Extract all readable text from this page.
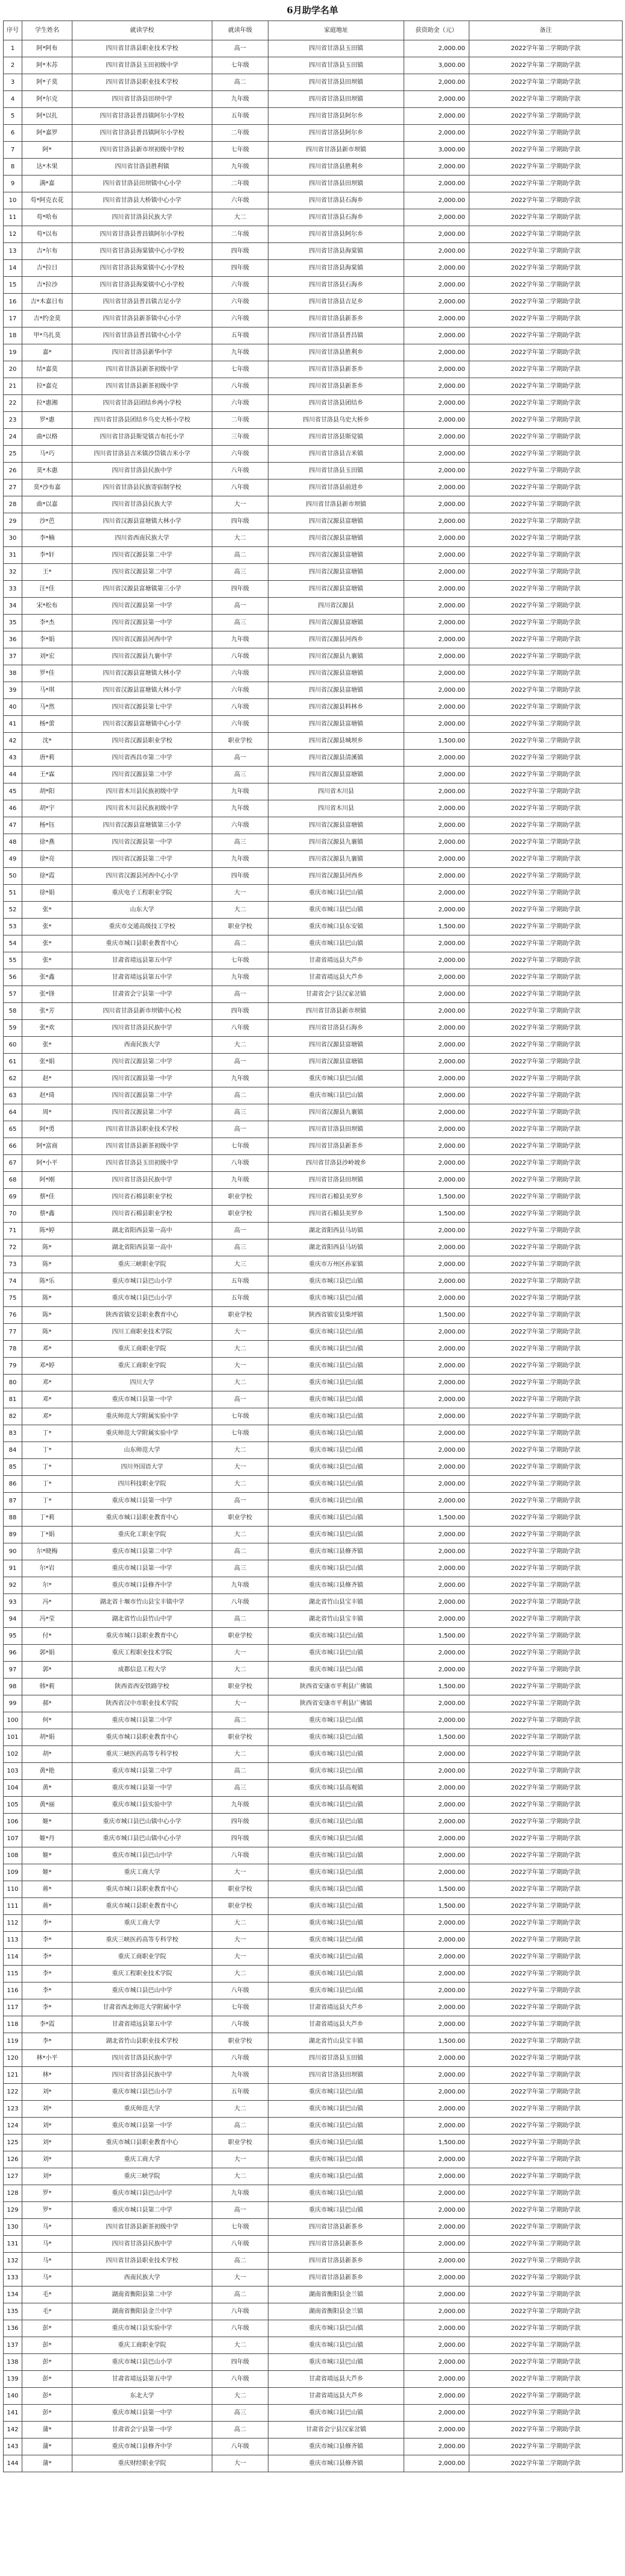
6月助学名单
序号	学生姓名	就读学校	就读年级	家庭地址	获资助金（元）	备注
1	阿*阿布	四川省甘洛县职业技术学校	高一	四川省甘洛县玉田镇	2,000.00	2022学年第二学期助学款
2	阿*木苏	四川省甘洛县玉田初级中学	七年级	四川省甘洛县玉田镇	3,000.00	2022学年第二学期助学款
3	阿*子莫	四川省甘洛县职业技术学校	高二	四川省甘洛县田坝镇	2,000.00	2022学年第二学期助学款
4	阿*尔克	四川省甘洛县田坝中学	九年级	四川省甘洛县田坝镇	2,000.00	2022学年第二学期助学款
5	阿*以扎	四川省甘洛县普昌镇阿尔小学校	五年级	四川省甘洛县阿尔乡	2,000.00	2022学年第二学期助学款
6	阿*嘉罗	四川省甘洛县普昌镇阿尔小学校	二年级	四川省甘洛县阿尔乡	2,000.00	2022学年第二学期助学款
7	阿*	四川省甘洛县新市坝初级中学校	七年级	四川省甘洛县新市坝镇	3,000.00	2022学年第二学期助学款
8	达*木果	四川省甘洛县胜利镇	九年级	四川省甘洛县胜利乡	2,000.00	2022学年第二学期助学款
9	满*嘉	四川省甘洛县田坝镇中心小学	二年级	四川省甘洛县田坝镇	2,000.00	2022学年第二学期助学款
10	苟*阿克衣花	四川省甘洛县大桥镇中心小学	六年级	四川省甘洛县石海乡	2,000.00	2022学年第二学期助学款
11	苟*哈布	四川省甘洛县民族大学	大二	四川省甘洛县石海乡	2,000.00	2022学年第二学期助学款
12	苟*以布	四川省甘洛县普昌镇阿尔小学校	二年级	四川省甘洛县阿尔乡	2,000.00	2022学年第二学期助学款
13	吉*尔布	四川省甘洛县海棠镇中心小学校	四年级	四川省甘洛县海棠镇	2,000.00	2022学年第二学期助学款
14	吉*拉日	四川省甘洛县海棠镇中心小学校	四年级	四川省甘洛县海棠镇	2,000.00	2022学年第二学期助学款
15	吉*拉沙	四川省甘洛县海棠镇中心小学校	六年级	四川省甘洛县石海乡	2,000.00	2022学年第二学期助学款
16	吉*木嘉日布	四川省甘洛县普昌镇吉足小学	六年级	四川省甘洛县吉足乡	2,000.00	2022学年第二学期助学款
17	吉*约金莫	四川省甘洛县新茶镇中心小学	六年级	四川省甘洛县新茶乡	2,000.00	2022学年第二学期助学款
18	甲*乌扎莫	四川省甘洛县普昌镇中心小学	五年级	四川省甘洛县普昌镇	2,000.00	2022学年第二学期助学款
19	嘉*	四川省甘洛县新华中学	九年级	四川省甘洛县胜利乡	2,000.00	2022学年第二学期助学款
20	结*嘉莫	四川省甘洛县新茶初级中学	七年级	四川省甘洛县新茶乡	2,000.00	2022学年第二学期助学款
21	拉*嘉克	四川省甘洛县新茶初级中学	八年级	四川省甘洛县新茶乡	2,000.00	2022学年第二学期助学款
22	拉*惠湘	四川省甘洛县团结乡两小学校	六年级	四川省甘洛县团结乡	2,000.00	2022学年第二学期助学款
23	罗*惠	四川省甘洛县团结乡乌史大桥小学校	二年级	四川省甘洛县乌史大桥乡	2,000.00	2022学年第二学期助学款
24	曲*以格	四川省甘洛县斯觉镇吉布托小学	三年级	四川省甘洛县斯觉镇	2,000.00	2022学年第二学期助学款
25	马*巧	四川省甘洛县吉米镇沙岱镇吉米小学	六年级	四川省甘洛县吉米镇	2,000.00	2022学年第二学期助学款
26	莫*木惠	四川省甘洛县民族中学	八年级	四川省甘洛县玉田镇	2,000.00	2022学年第二学期助学款
27	莫*沙布嘉	四川省甘洛县民族寄宿制学校	八年级	四川省甘洛县前进乡	2,000.00	2022学年第二学期助学款
28	曲*以嘉	四川省甘洛县民族大学	大一	四川省甘洛县新市坝镇	2,000.00	2022学年第二学期助学款
29	沙*芭	四川省汉源县富塘镇大林小学	四年级	四川省汉源县富塘镇	2,000.00	2022学年第二学期助学款
30	李*楠	四川省西南民族大学	大二	四川省汉源县富塘镇	2,000.00	2022学年第二学期助学款
31	李*轩	四川省汉源县第二中学	高二	四川省汉源县富塘镇	2,000.00	2022学年第二学期助学款
32	王*	四川省汉源县第二中学	高三	四川省汉源县富塘镇	2,000.00	2022学年第二学期助学款
33	汪*佳	四川省汉源县富塘镇第三小学	四年级	四川省汉源县富塘镇	2,000.00	2022学年第二学期助学款
34	宋*松布	四川省汉源县第一中学	高一	四川省汉源县	2,000.00	2022学年第二学期助学款
35	李*杰	四川省汉源县第一中学	高三	四川省汉源县富塘镇	2,000.00	2022学年第二学期助学款
36	李*娟	四川省汉源县河西中学	九年级	四川省汉源县河西乡	2,000.00	2022学年第二学期助学款
37	刘*宏	四川省汉源县九襄中学	八年级	四川省汉源县九襄镇	2,000.00	2022学年第二学期助学款
38	罗*佳	四川省汉源县富塘镇大林小学	六年级	四川省汉源县富塘镇	2,000.00	2022学年第二学期助学款
39	马*琪	四川省汉源县富塘镇大林小学	六年级	四川省汉源县富塘镇	2,000.00	2022学年第二学期助学款
40	马*然	四川省汉源县第七中学	八年级	四川省汉源县料林乡	2,000.00	2022学年第二学期助学款
41	杨*蕾	四川省汉源县富塘镇中心小学	六年级	四川省汉源县富塘镇	2,000.00	2022学年第二学期助学款
42	沈*	四川省汉源县职业学校	职业学校	四川省汉源县城坝乡	1,500.00	2022学年第二学期助学款
43	唐*莉	四川省西昌市第二中学	高一	四川省汉源县清溪镇	2,000.00	2022学年第二学期助学款
44	王*霖	四川省汉源县第二中学	高三	四川省汉源县富塘镇	2,000.00	2022学年第二学期助学款
45	胡*阳	四川省木川县民族初级中学	九年级	四川省木川县	2,000.00	2022学年第二学期助学款
46	胡*宇	四川省木川县民族初级中学	九年级	四川省木川县	2,000.00	2022学年第二学期助学款
47	杨*钰	四川省汉源县富塘镇第三小学	六年级	四川省汉源县富塘镇	2,000.00	2022学年第二学期助学款
48	徐*燕	四川省汉源县第一中学	高三	四川省汉源县九襄镇	2,000.00	2022学年第二学期助学款
49	徐*亮	四川省汉源县第二中学	九年级	四川省汉源县九襄镇	2,000.00	2022学年第二学期助学款
50	徐*霞	四川省汉源县河西中心小学	四年级	四川省汉源县河西乡	2,000.00	2022学年第二学期助学款
51	徐*娟	重庆电子工程职业学院	大一	重庆市城口县巴山镇	2,000.00	2022学年第二学期助学款
52	张*	山东大学	大二	重庆市城口县巴山镇	2,000.00	2022学年第二学期助学款
53	张*	重庆市交通高级技工学校	职业学校	重庆市城口县东安镇	1,500.00	2022学年第二学期助学款
54	张*	重庆市城口县职业教育中心	高二	重庆市城口县巴山镇	2,000.00	2022学年第二学期助学款
55	张*	甘肃省靖远县第五中学	七年级	甘肃省靖远县大芦乡	2,000.00	2022学年第二学期助学款
56	张*鑫	甘肃省靖远县第五中学	九年级	甘肃省靖远县大芦乡	2,000.00	2022学年第二学期助学款
57	张*锋	甘肃省会宁县第一中学	高一	甘肃省会宁县汉家岔镇	2,000.00	2022学年第二学期助学款
58	张*芳	四川省甘洛县新市坝镇中心校	四年级	四川省甘洛县新市坝镇	2,000.00	2022学年第二学期助学款
59	张*欢	四川省甘洛县民族中学	八年级	四川省甘洛县石海乡	2,000.00	2022学年第二学期助学款
60	张*	西南民族大学	大二	四川省汉源县富塘镇	2,000.00	2022学年第二学期助学款
61	张*娟	四川省汉源县第二中学	高一	四川省汉源县富塘镇	2,000.00	2022学年第二学期助学款
62	赵*	四川省汉源县第一中学	九年级	重庆市城口县巴山镇	2,000.00	2022学年第二学期助学款
63	赵*琦	四川省汉源县第二中学	高二	重庆市城口县巴山镇	2,000.00	2022学年第二学期助学款
64	周*	四川省汉源县第二中学	高三	四川省汉源县九襄镇	2,000.00	2022学年第二学期助学款
65	阿*勇	四川省甘洛县职业技术学校	高一	四川省甘洛县田坝镇	2,000.00	2022学年第二学期助学款
66	阿*富商	四川省甘洛县新茶初级中学	七年级	四川省甘洛县新茶乡	2,000.00	2022学年第二学期助学款
67	阿*小平	四川省甘洛县玉田初级中学	八年级	四川省甘洛县沙岭坡乡	2,000.00	2022学年第二学期助学款
68	阿*刚	四川省甘洛县民族中学	九年级	四川省甘洛县田坝镇	2,000.00	2022学年第二学期助学款
69	蔡*佳	四川省石棉县职业学校	职业学校	四川省石棉县美罗乡	1,500.00	2022学年第二学期助学款
70	蔡*鑫	四川省石棉县职业学校	职业学校	四川省石棉县美罗乡	1,500.00	2022学年第二学期助学款
71	陈*婷	湖北省阳西县第一高中	高一	湖北省阳西县马坊镇	2,000.00	2022学年第二学期助学款
72	陈*	湖北省阳西县第一高中	高三	湖北省阳西县马坊镇	2,000.00	2022学年第二学期助学款
73	陈*	重庆三峡职业学院	大三	重庆市万州区孙家镇	2,000.00	2022学年第二学期助学款
74	陈*乐	重庆市城口县巴山小学	五年级	重庆市城口县巴山镇	2,000.00	2022学年第二学期助学款
75	陈*	重庆市城口县巴山小学	五年级	重庆市城口县巴山镇	2,000.00	2022学年第二学期助学款
76	陈*	陕西省镇安县职业教育中心	职业学校	陕西省镇安县柴坪镇	1,500.00	2022学年第二学期助学款
77	陈*	四川工商职业技术学院	大一	重庆市城口县巴山镇	2,000.00	2022学年第二学期助学款
78	邓*	重庆工商职业学院	大二	重庆市城口县巴山镇	2,000.00	2022学年第二学期助学款
79	邓*婷	重庆工商职业学院	大一	重庆市城口县巴山镇	2,000.00	2022学年第二学期助学款
80	邓*	四川大学	大二	重庆市城口县巴山镇	2,000.00	2022学年第二学期助学款
81	邓*	重庆市城口县第一中学	高一	重庆市城口县巴山镇	2,000.00	2022学年第二学期助学款
82	邓*	重庆师范大学附属实验中学	七年级	重庆市城口县巴山镇	2,000.00	2022学年第二学期助学款
83	丁*	重庆师范大学附属实验中学	七年级	重庆市城口县巴山镇	2,000.00	2022学年第二学期助学款
84	丁*	山东师范大学	大二	重庆市城口县巴山镇	2,000.00	2022学年第二学期助学款
85	丁*	四川外国语大学	大一	重庆市城口县巴山镇	2,000.00	2022学年第二学期助学款
86	丁*	四川科技职业学院	大二	重庆市城口县巴山镇	2,000.00	2022学年第二学期助学款
87	丁*	重庆市城口县第一中学	高一	重庆市城口县巴山镇	2,000.00	2022学年第二学期助学款
88	丁*莉	重庆市城口县职业教育中心	职业学校	重庆市城口县巴山镇	1,500.00	2022学年第二学期助学款
89	丁*娟	重庆化工职业学院	大二	重庆市城口县巴山镇	2,000.00	2022学年第二学期助学款
90	尔*晓梅	重庆市城口县第二中学	高二	重庆市城口县修齐镇	2,000.00	2022学年第二学期助学款
91	尔*岩	重庆市城口县第一中学	高三	重庆市城口县巴山镇	2,000.00	2022学年第二学期助学款
92	尔*	重庆市城口县修齐中学	九年级	重庆市城口县修齐镇	2,000.00	2022学年第二学期助学款
93	冯*	湖北省十堰市竹山县宝丰镇中学	八年级	湖北省竹山县宝丰镇	2,000.00	2022学年第二学期助学款
94	冯*莹	湖北省竹山县竹山中学	高二	湖北省竹山县宝丰镇	2,000.00	2022学年第二学期助学款
95	付*	重庆市城口县职业教育中心	职业学校	重庆市城口县巴山镇	1,500.00	2022学年第二学期助学款
96	郭*娟	重庆工程职业技术学院	大一	重庆市城口县巴山镇	2,000.00	2022学年第二学期助学款
97	郭*	成都信息工程大学	大二	重庆市城口县巴山镇	2,000.00	2022学年第二学期助学款
98	韩*莉	陕西省西安铁路学校	职业学校	陕西省安康市平利县广佛镇	1,500.00	2022学年第二学期助学款
99	郝*	陕西省汉中市职业技术学院	大一	陕西省安康市平利县广佛镇	2,000.00	2022学年第二学期助学款
100	何*	重庆市城口县第二中学	高二	重庆市城口县巴山镇	2,000.00	2022学年第二学期助学款
101	胡*娟	重庆市城口县职业教育中心	职业学校	重庆市城口县巴山镇	1,500.00	2022学年第二学期助学款
102	胡*	重庆三峡医药高等专科学校	大二	重庆市城口县巴山镇	2,000.00	2022学年第二学期助学款
103	黄*艳	重庆市城口县第二中学	高二	重庆市城口县巴山镇	2,000.00	2022学年第二学期助学款
104	黄*	重庆市城口县第一中学	高三	重庆市城口县高观镇	2,000.00	2022学年第二学期助学款
105	黄*丽	重庆市城口县实验中学	九年级	重庆市城口县巴山镇	2,000.00	2022学年第二学期助学款
106	姬*	重庆市城口县巴山镇中心小学	四年级	重庆市城口县巴山镇	2,000.00	2022学年第二学期助学款
107	姬*丹	重庆市城口县巴山镇中心小学	四年级	重庆市城口县巴山镇	2,000.00	2022学年第二学期助学款
108	姬*	重庆市城口县巴山中学	八年级	重庆市城口县巴山镇	2,000.00	2022学年第二学期助学款
109	姬*	重庆工商大学	大一	重庆市城口县巴山镇	2,000.00	2022学年第二学期助学款
110	蒋*	重庆市城口县职业教育中心	职业学校	重庆市城口县巴山镇	1,500.00	2022学年第二学期助学款
111	蒋*	重庆市城口县职业教育中心	职业学校	重庆市城口县巴山镇	1,500.00	2022学年第二学期助学款
112	李*	重庆工商大学	大二	重庆市城口县巴山镇	2,000.00	2022学年第二学期助学款
113	李*	重庆三峡医药高等专科学校	大一	重庆市城口县巴山镇	2,000.00	2022学年第二学期助学款
114	李*	重庆工商职业学院	大一	重庆市城口县巴山镇	2,000.00	2022学年第二学期助学款
115	李*	重庆工程职业技术学院	大二	重庆市城口县巴山镇	2,000.00	2022学年第二学期助学款
116	李*	重庆市城口县巴山中学	八年级	重庆市城口县巴山镇	2,000.00	2022学年第二学期助学款
117	李*	甘肃省西北师范大学附属中学	七年级	甘肃省靖远县大芦乡	2,000.00	2022学年第二学期助学款
118	李*霞	甘肃省靖远县第五中学	八年级	甘肃省靖远县大芦乡	2,000.00	2022学年第二学期助学款
119	李*	湖北省竹山县职业技术学校	职业学校	湖北省竹山县宝丰镇	1,500.00	2022学年第二学期助学款
120	林*小平	四川省甘洛县民族中学	八年级	四川省甘洛县玉田镇	2,000.00	2022学年第二学期助学款
121	林*	四川省甘洛县民族中学	九年级	四川省甘洛县田坝镇	2,000.00	2022学年第二学期助学款
122	刘*	重庆市城口县巴山小学	五年级	重庆市城口县巴山镇	2,000.00	2022学年第二学期助学款
123	刘*	重庆师范大学	大二	重庆市城口县巴山镇	2,000.00	2022学年第二学期助学款
124	刘*	重庆市城口县第一中学	高二	重庆市城口县巴山镇	2,000.00	2022学年第二学期助学款
125	刘*	重庆市城口县职业教育中心	职业学校	重庆市城口县巴山镇	1,500.00	2022学年第二学期助学款
126	刘*	重庆工商大学	大一	重庆市城口县巴山镇	2,000.00	2022学年第二学期助学款
127	刘*	重庆三峡学院	大二	重庆市城口县巴山镇	2,000.00	2022学年第二学期助学款
128	罗*	重庆市城口县巴山中学	九年级	重庆市城口县巴山镇	2,000.00	2022学年第二学期助学款
129	罗*	重庆市城口县第二中学	高一	重庆市城口县巴山镇	2,000.00	2022学年第二学期助学款
130	马*	四川省甘洛县新茶初级中学	七年级	四川省甘洛县新茶乡	2,000.00	2022学年第二学期助学款
131	马*	四川省甘洛县民族中学	八年级	四川省甘洛县新茶乡	2,000.00	2022学年第二学期助学款
132	马*	四川省甘洛县职业技术学校	高二	四川省甘洛县新茶乡	2,000.00	2022学年第二学期助学款
133	马*	西南民族大学	大一	四川省甘洛县新茶乡	2,000.00	2022学年第二学期助学款
134	毛*	湖南省衡阳县第二中学	高二	湖南省衡阳县金兰镇	2,000.00	2022学年第二学期助学款
135	毛*	湖南省衡阳县金兰中学	八年级	湖南省衡阳县金兰镇	2,000.00	2022学年第二学期助学款
136	彭*	重庆市城口县实验中学	八年级	重庆市城口县巴山镇	2,000.00	2022学年第二学期助学款
137	彭*	重庆工商职业学院	大二	重庆市城口县巴山镇	2,000.00	2022学年第二学期助学款
138	彭*	重庆市城口县巴山小学	四年级	重庆市城口县巴山镇	2,000.00	2022学年第二学期助学款
139	彭*	甘肃省靖远县第五中学	八年级	甘肃省靖远县大芦乡	2,000.00	2022学年第二学期助学款
140	彭*	东北大学	大二	甘肃省靖远县大芦乡	2,000.00	2022学年第二学期助学款
141	彭*	重庆市城口县第一中学	高三	重庆市城口县巴山镇	2,000.00	2022学年第二学期助学款
142	蒲*	甘肃省会宁县第一中学	高二	甘肃省会宁县汉家岔镇	2,000.00	2022学年第二学期助学款
143	蒲*	重庆市城口县修齐中学	八年级	重庆市城口县修齐镇	2,000.00	2022学年第二学期助学款
144	蒲*	重庆财经职业学院	大一	重庆市城口县修齐镇	2,000.00	2022学年第二学期助学款
